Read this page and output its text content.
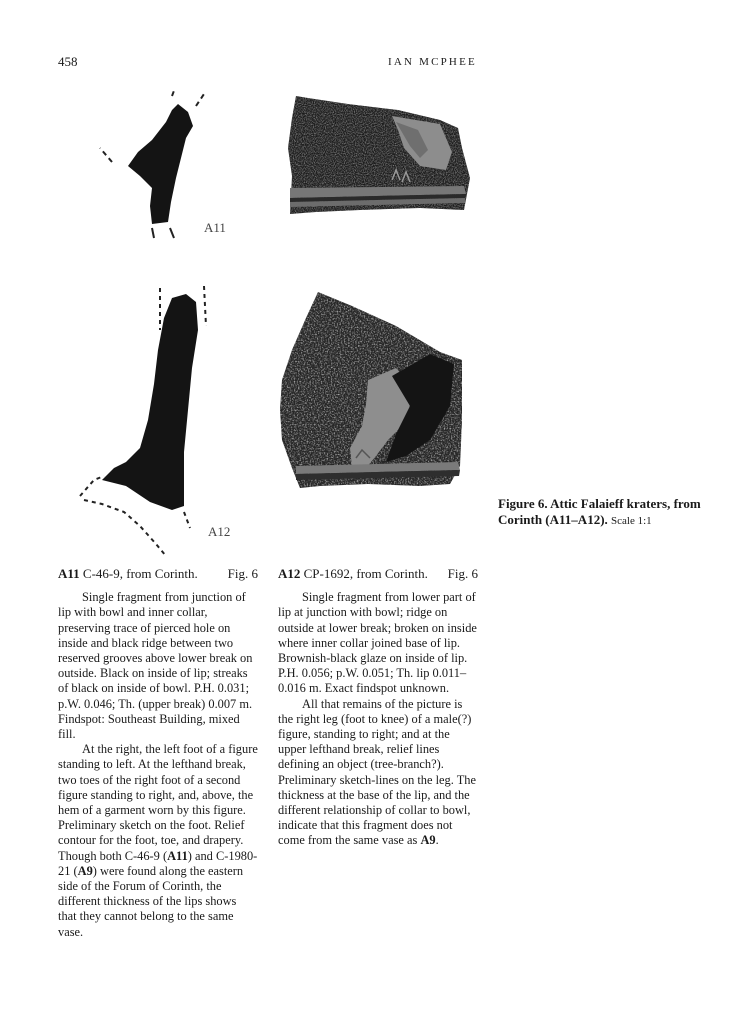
458	IAN MCPHEE
A11
A12
Figure 6. Attic Falaieff kraters, from Corinth (A11–A12). Scale 1:1
A11 C-46-9, from Corinth. Fig. 6

Single fragment from junction of lip with bowl and inner collar, preserving trace of pierced hole on inside and black ridge between two reserved grooves above lower break on outside. Black on inside of lip; streaks of black on inside of bowl. P.H. 0.031; p.W. 0.046; Th. (upper break) 0.007 m. Findspot: Southeast Building, mixed fill.

At the right, the left foot of a figure standing to left. At the lefthand break, two toes of the right foot of a second figure standing to right, and, above, the hem of a garment worn by this figure. Preliminary sketch on the foot. Relief contour for the foot, toe, and drapery. Though both C-46-9 (A11) and C-1980-21 (A9) were found along the eastern side of the Forum of Corinth, the different thickness of the lips shows that they cannot belong to the same vase.

A12 CP-1692, from Corinth. Fig. 6

Single fragment from lower part of lip at junction with bowl; ridge on outside at lower break; broken on inside where inner collar joined base of lip. Brownish-black glaze on inside of lip. P.H. 0.056; p.W. 0.051; Th. lip 0.011–0.016 m. Exact findspot unknown.

All that remains of the picture is the right leg (foot to knee) of a male(?) figure, standing to right; and at the upper lefthand break, relief lines defining an object (tree-branch?). Preliminary sketch-lines on the leg. The thickness at the base of the lip, and the different relationship of collar to bowl, indicate that this fragment does not come from the same vase as A9.
